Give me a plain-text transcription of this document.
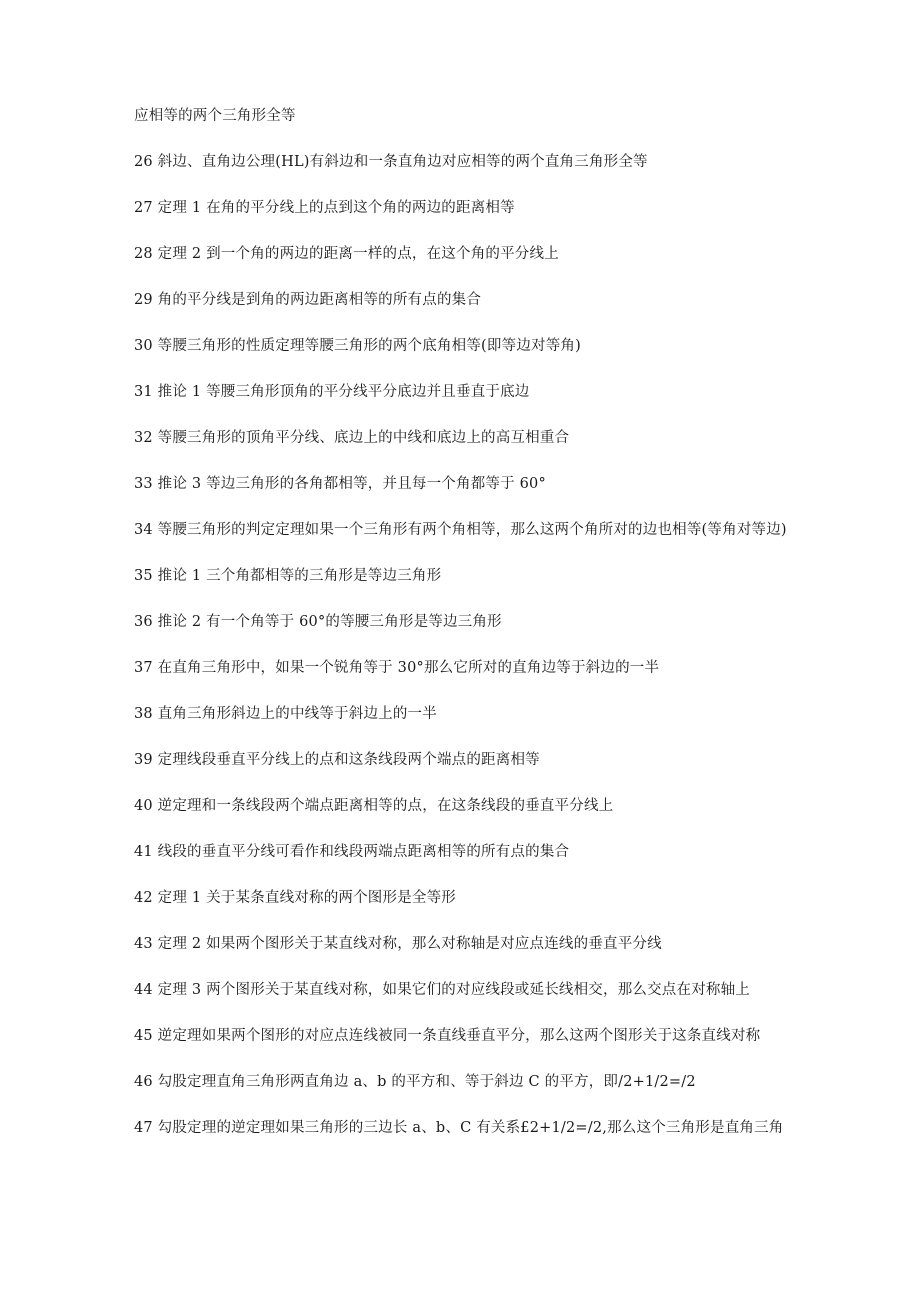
应相等的两个三角形全等

26 斜边、直角边公理(HL)有斜边和一条直角边对应相等的两个直角三角形全等

27 定理 1 在角的平分线上的点到这个角的两边的距离相等

28 定理 2 到一个角的两边的距离一样的点，在这个角的平分线上

29 角的平分线是到角的两边距离相等的所有点的集合

30 等腰三角形的性质定理等腰三角形的两个底角相等(即等边对等角)

31 推论 1 等腰三角形顶角的平分线平分底边并且垂直于底边

32 等腰三角形的顶角平分线、底边上的中线和底边上的高互相重合

33 推论 3 等边三角形的各角都相等，并且每一个角都等于 60°

34 等腰三角形的判定定理如果一个三角形有两个角相等，那么这两个角所对的边也相等(等角对等边)

35 推论 1 三个角都相等的三角形是等边三角形

36 推论 2 有一个角等于 60°的等腰三角形是等边三角形

37 在直角三角形中，如果一个锐角等于 30°那么它所对的直角边等于斜边的一半

38 直角三角形斜边上的中线等于斜边上的一半

39 定理线段垂直平分线上的点和这条线段两个端点的距离相等

40 逆定理和一条线段两个端点距离相等的点，在这条线段的垂直平分线上

41 线段的垂直平分线可看作和线段两端点距离相等的所有点的集合

42 定理 1 关于某条直线对称的两个图形是全等形

43 定理 2 如果两个图形关于某直线对称，那么对称轴是对应点连线的垂直平分线

44 定理 3 两个图形关于某直线对称，如果它们的对应线段或延长线相交，那么交点在对称轴上

45 逆定理如果两个图形的对应点连线被同一条直线垂直平分，那么这两个图形关于这条直线对称

46 勾股定理直角三角形两直角边 a、b 的平方和、等于斜边 C 的平方，即/2+1/2=/2

47 勾股定理的逆定理如果三角形的三边长 a、b、C 有关系£2+1/2=/2,那么这个三角形是直角三角
